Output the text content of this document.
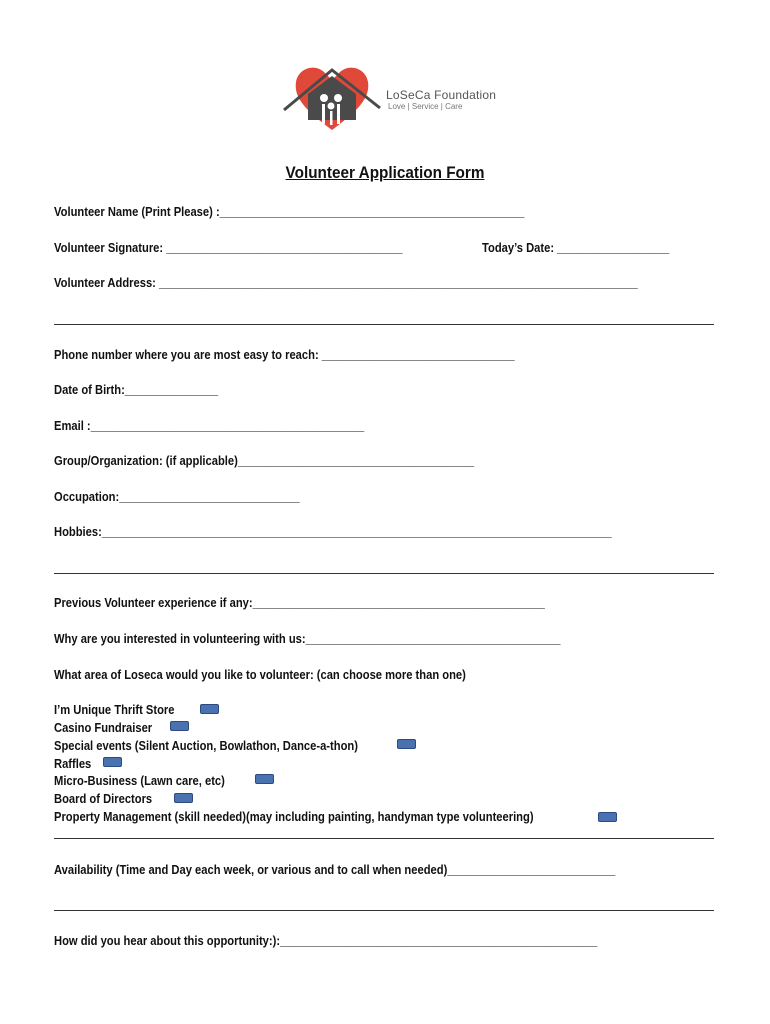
LoSeCa Foundation
Love | Service | Care
Volunteer Application Form
Volunteer Name (Print Please) :_________________________________________________
Volunteer Signature: ______________________________________	Today’s Date: __________________
Volunteer Address: _____________________________________________________________________________
Phone number where you are most easy to reach: _______________________________
Date of Birth:_______________
Email :____________________________________________
Group/Organization: (if applicable)______________________________________
Occupation:_____________________________
Hobbies:__________________________________________________________________________________
Previous Volunteer experience if any:_______________________________________________
Why are you interested in volunteering with us:_________________________________________
What area of Loseca would you like to volunteer: (can choose more than one)
I’m Unique Thrift Store
Casino Fundraiser
Special events (Silent Auction, Bowlathon, Dance-a-thon)
Raffles
Micro-Business (Lawn care, etc)
Board of Directors
Property Management (skill needed)(may including painting, handyman type volunteering)
Availability (Time and Day each week, or various and to call when needed)___________________________
How did you hear about this opportunity:):___________________________________________________
